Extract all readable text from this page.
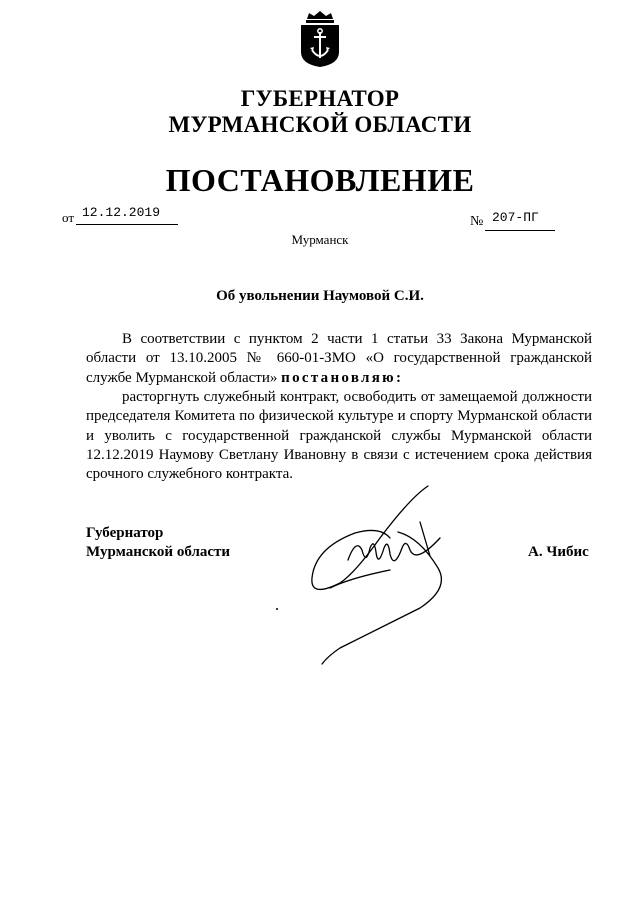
ГУБЕРНАТОР
МУРМАНСКОЙ ОБЛАСТИ
ПОСТАНОВЛЕНИЕ
от 12.12.2019
№ 207-ПГ
Мурманск
Об увольнении Наумовой С.И.
В соответствии с пунктом 2 части 1 статьи 33 Закона Мурманской области от 13.10.2005 № 660-01-ЗМО «О государственной гражданской службе Мурманской области» постановляю:
расторгнуть служебный контракт, освободить от замещаемой должности председателя Комитета по физической культуре и спорту Мурманской области и уволить с государственной гражданской службы Мурманской области 12.12.2019 Наумову Светлану Ивановну в связи с истечением срока действия срочного служебного контракта.
Губернатор
Мурманской области	А. Чибис
